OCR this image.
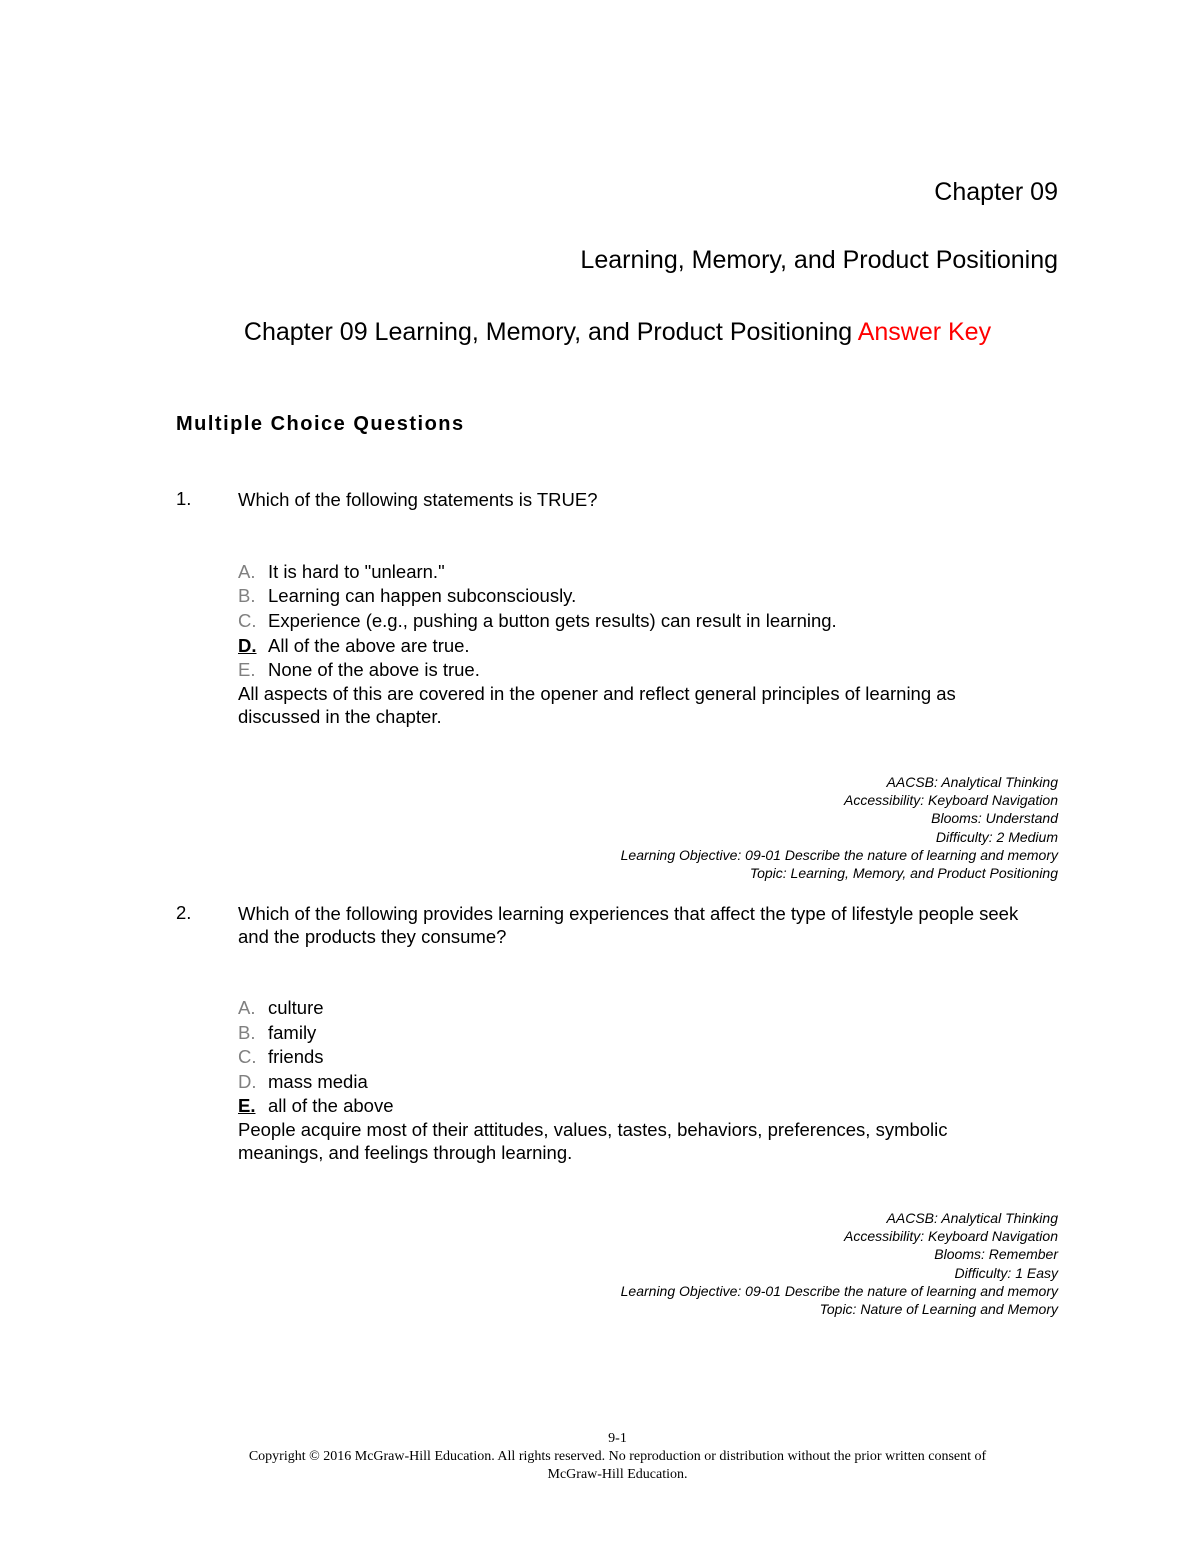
Chapter 09
Learning, Memory, and Product Positioning
Chapter 09 Learning, Memory, and Product Positioning Answer Key
Multiple Choice Questions
1.	Which of the following statements is TRUE?
A. It is hard to "unlearn."
B. Learning can happen subconsciously.
C. Experience (e.g., pushing a button gets results) can result in learning.
D. All of the above are true.
E. None of the above is true.
All aspects of this are covered in the opener and reflect general principles of learning as discussed in the chapter.
AACSB: Analytical Thinking
Accessibility: Keyboard Navigation
Blooms: Understand
Difficulty: 2 Medium
Learning Objective: 09-01 Describe the nature of learning and memory
Topic: Learning, Memory, and Product Positioning
2.	Which of the following provides learning experiences that affect the type of lifestyle people seek and the products they consume?
A. culture
B. family
C. friends
D. mass media
E. all of the above
People acquire most of their attitudes, values, tastes, behaviors, preferences, symbolic meanings, and feelings through learning.
AACSB: Analytical Thinking
Accessibility: Keyboard Navigation
Blooms: Remember
Difficulty: 1 Easy
Learning Objective: 09-01 Describe the nature of learning and memory
Topic: Nature of Learning and Memory
9-1
Copyright © 2016 McGraw-Hill Education. All rights reserved. No reproduction or distribution without the prior written consent of
McGraw-Hill Education.
